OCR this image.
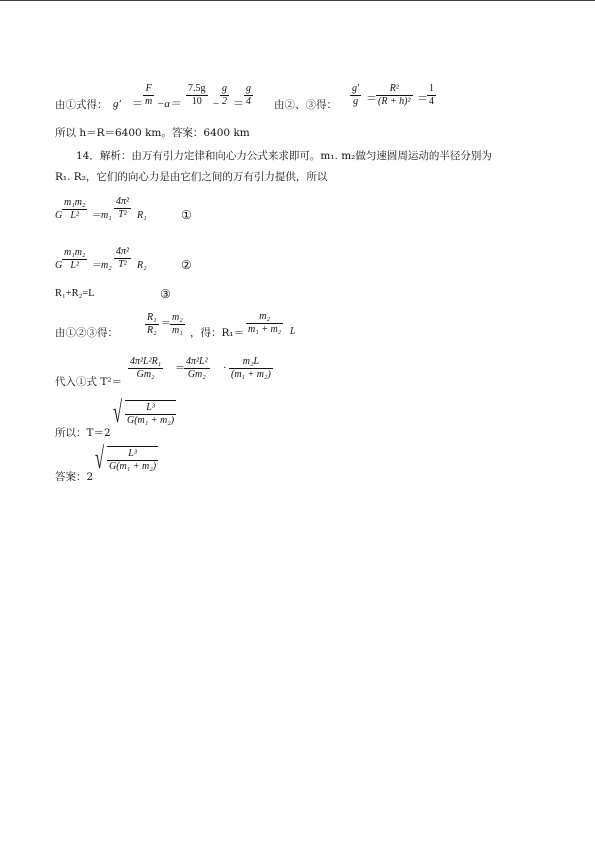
由①式得： g′ ＝
F
m −a＝
7.5g
10 −
g
2 ＝
g
4 由②、③得：
g′
g ＝
R²
(R + h)² ＝
1
4
所以 h＝R＝6400 km。答案：6400 km
14．解析：由万有引力定律和向心力公式来求即可。m₁. m₂做匀速圆周运动的半径分别为
R₁. R₂，它们的向心力是由它们之间的万有引力提供，所以
G
m₁m₂
L² ＝m₁
4π²
T² R₁	①
G
m₁m₂
L² ＝m₂
4π²
T² R₂	②
R₁+R₂=L	③
由①②③得：
R₁
R₂
＝
m₂
m₁ ，得：R₁＝
m₂
m₁ + m₂ L
代入①式 T²＝
4π²L²R₁
Gm₂
＝
4π²L²
Gm₂
·
m₂L
(m₁ + m₂)
所以：T＝2
√ L³
G(m₁ + m₂)
答案：2
√ L³
G(m₁ + m₂)
